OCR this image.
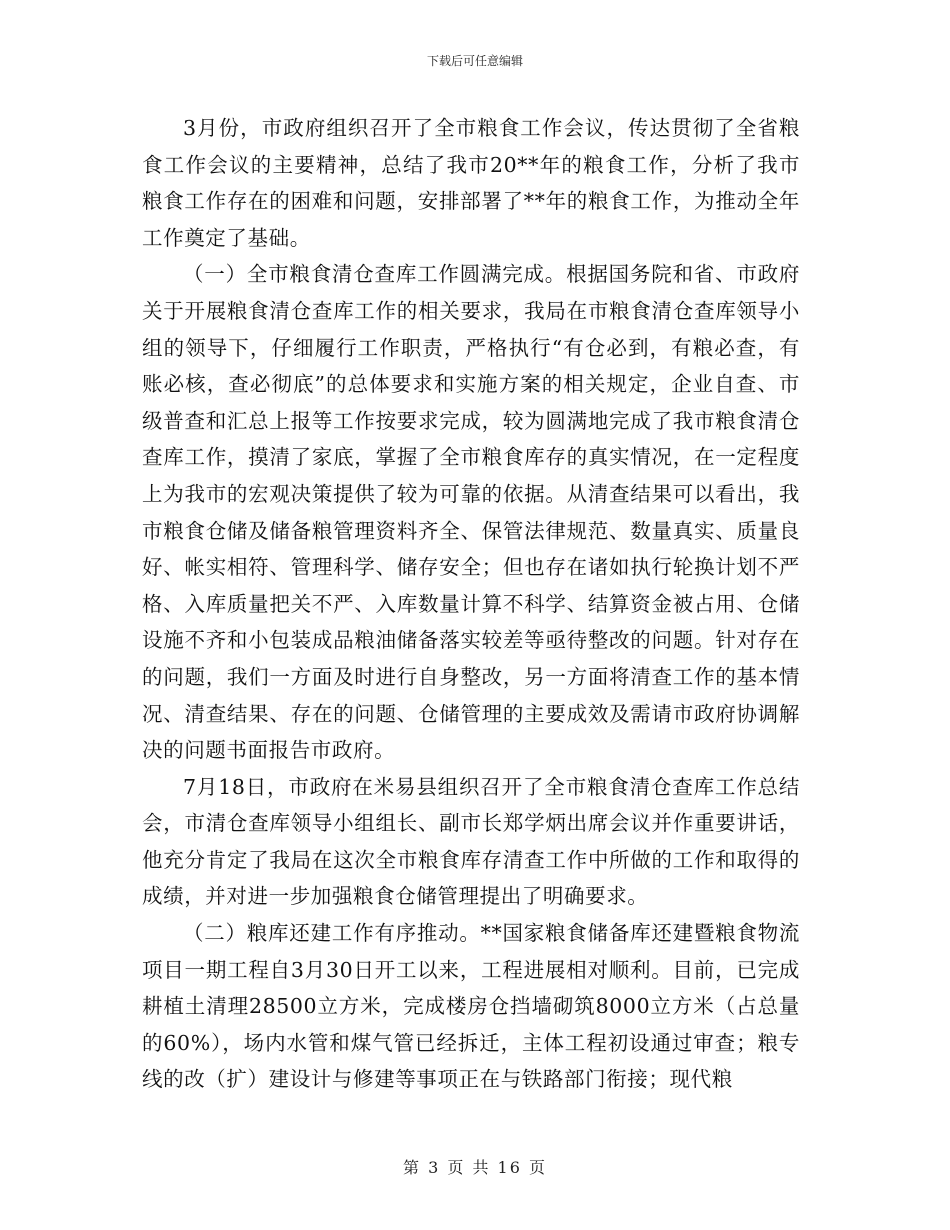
下载后可任意编辑

3月份，市政府组织召开了全市粮食工作会议，传达贯彻了全省粮食工作会议的主要精神，总结了我市20**年的粮食工作，分析了我市粮食工作存在的困难和问题，安排部署了**年的粮食工作，为推动全年工作奠定了基础。

（一）全市粮食清仓查库工作圆满完成。根据国务院和省、市政府关于开展粮食清仓查库工作的相关要求，我局在市粮食清仓查库领导小组的领导下，仔细履行工作职责，严格执行“有仓必到，有粮必查，有账必核，查必彻底”的总体要求和实施方案的相关规定，企业自查、市级普查和汇总上报等工作按要求完成，较为圆满地完成了我市粮食清仓查库工作，摸清了家底，掌握了全市粮食库存的真实情况，在一定程度上为我市的宏观决策提供了较为可靠的依据。从清查结果可以看出，我市粮食仓储及储备粮管理资料齐全、保管法律规范、数量真实、质量良好、帐实相符、管理科学、储存安全；但也存在诸如执行轮换计划不严格、入库质量把关不严、入库数量计算不科学、结算资金被占用、仓储设施不齐和小包装成品粮油储备落实较差等亟待整改的问题。针对存在的问题，我们一方面及时进行自身整改，另一方面将清查工作的基本情况、清查结果、存在的问题、仓储管理的主要成效及需请市政府协调解决的问题书面报告市政府。

7月18日，市政府在米易县组织召开了全市粮食清仓查库工作总结会，市清仓查库领导小组组长、副市长郑学炳出席会议并作重要讲话，他充分肯定了我局在这次全市粮食库存清查工作中所做的工作和取得的成绩，并对进一步加强粮食仓储管理提出了明确要求。

（二）粮库还建工作有序推动。**国家粮食储备库还建暨粮食物流项目一期工程自3月30日开工以来，工程进展相对顺利。目前，已完成耕植土清理28500立方米，完成楼房仓挡墙砌筑8000立方米（占总量的60%），场内水管和煤气管已经拆迁，主体工程初设通过审查；粮专线的改（扩）建设计与修建等事项正在与铁路部门衔接；现代粮

第 3 页 共 16 页
